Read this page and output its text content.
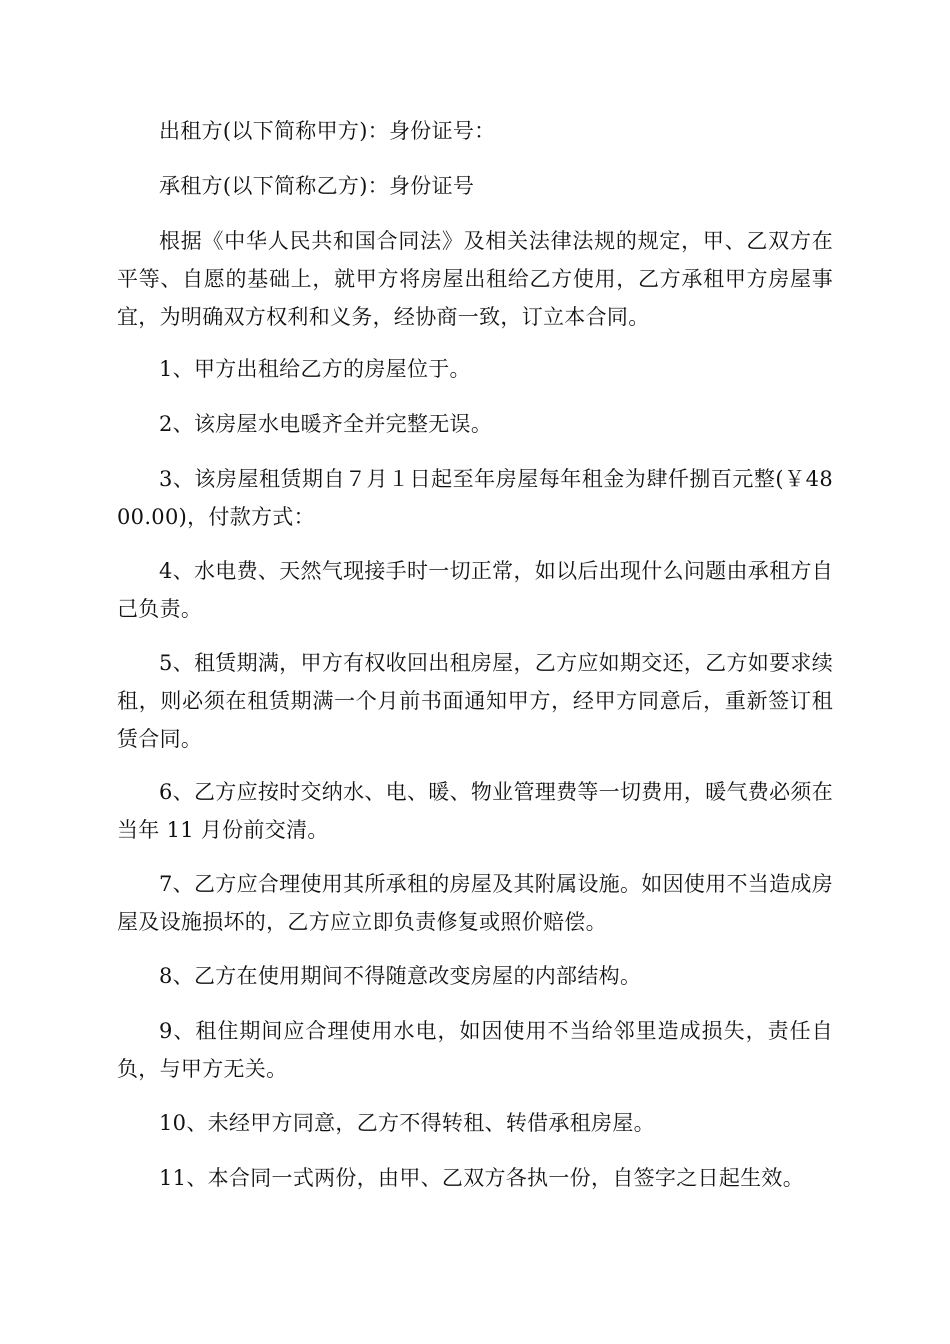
出租方(以下简称甲方)：身份证号：

承租方(以下简称乙方)：身份证号

根据《中华人民共和国合同法》及相关法律法规的规定，甲、乙双方在平等、自愿的基础上，就甲方将房屋出租给乙方使用，乙方承租甲方房屋事宜，为明确双方权利和义务，经协商一致，订立本合同。

1、甲方出租给乙方的房屋位于。

2、该房屋水电暖齐全并完整无误。

3、该房屋租赁期自７月１日起至年房屋每年租金为肆仟捌百元整(￥4800.00)，付款方式：

4、水电费、天然气现接手时一切正常，如以后出现什么问题由承租方自己负责。

5、租赁期满，甲方有权收回出租房屋，乙方应如期交还，乙方如要求续租，则必须在租赁期满一个月前书面通知甲方，经甲方同意后，重新签订租赁合同。

6、乙方应按时交纳水、电、暖、物业管理费等一切费用，暖气费必须在当年 11 月份前交清。

7、乙方应合理使用其所承租的房屋及其附属设施。如因使用不当造成房屋及设施损坏的，乙方应立即负责修复或照价赔偿。

8、乙方在使用期间不得随意改变房屋的内部结构。

9、租住期间应合理使用水电，如因使用不当给邻里造成损失，责任自负，与甲方无关。

10、未经甲方同意，乙方不得转租、转借承租房屋。

11、本合同一式两份，由甲、乙双方各执一份，自签字之日起生效。
